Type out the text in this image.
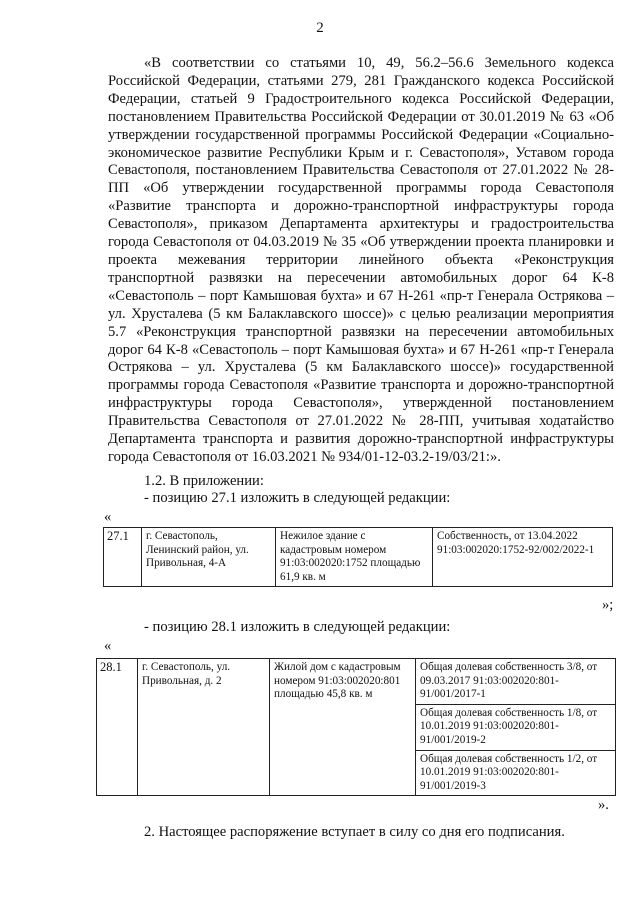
2

«В соответствии со статьями 10, 49, 56.2–56.6 Земельного кодекса Российской Федерации, статьями 279, 281 Гражданского кодекса Российской Федерации, статьей 9 Градостроительного кодекса Российской Федерации, постановлением Правительства Российской Федерации от 30.01.2019 № 63 «Об утверждении государственной программы Российской Федерации «Социально-экономическое развитие Республики Крым и г. Севастополя», Уставом города Севастополя, постановлением Правительства Севастополя от 27.01.2022 № 28-ПП «Об утверждении государственной программы города Севастополя «Развитие транспорта и дорожно-транспортной инфраструктуры города Севастополя», приказом Департамента архитектуры и градостроительства города Севастополя от 04.03.2019 № 35 «Об утверждении проекта планировки и проекта межевания территории линейного объекта «Реконструкция транспортной развязки на пересечении автомобильных дорог 64 К-8 «Севастополь – порт Камышовая бухта» и 67 Н-261 «пр-т Генерала Острякова – ул. Хрусталева (5 км Балаклавского шоссе)» с целью реализации мероприятия 5.7 «Реконструкция транспортной развязки на пересечении автомобильных дорог 64 К-8 «Севастополь – порт Камышовая бухта» и 67 Н-261 «пр-т Генерала Острякова – ул. Хрусталева (5 км Балаклавского шоссе)» государственной программы города Севастополя «Развитие транспорта и дорожно-транспортной инфраструктуры города Севастополя», утвержденной постановлением Правительства Севастополя от 27.01.2022 № 28-ПП, учитывая ходатайство Департамента транспорта и развития дорожно-транспортной инфраструктуры города Севастополя от 16.03.2021 № 934/01-12-03.2-19/03/21:».

1.2. В приложении:
- позицию 27.1 изложить в следующей редакции:
«
27.1	г. Севастополь, Ленинский район, ул. Привольная, 4-А	Нежилое здание с кадастровым номером 91:03:002020:1752 площадью 61,9 кв. м	Собственность, от 13.04.2022 91:03:002020:1752-92/002/2022-1
»;
- позицию 28.1 изложить в следующей редакции:
«
28.1	г. Севастополь, ул. Привольная, д. 2	Жилой дом с кадастровым номером 91:03:002020:801 площадью 45,8 кв. м	Общая долевая собственность 3/8, от 09.03.2017 91:03:002020:801-91/001/2017-1
Общая долевая собственность 1/8, от 10.01.2019 91:03:002020:801-91/001/2019-2
Общая долевая собственность 1/2, от 10.01.2019 91:03:002020:801-91/001/2019-3
».
2. Настоящее распоряжение вступает в силу со дня его подписания.
